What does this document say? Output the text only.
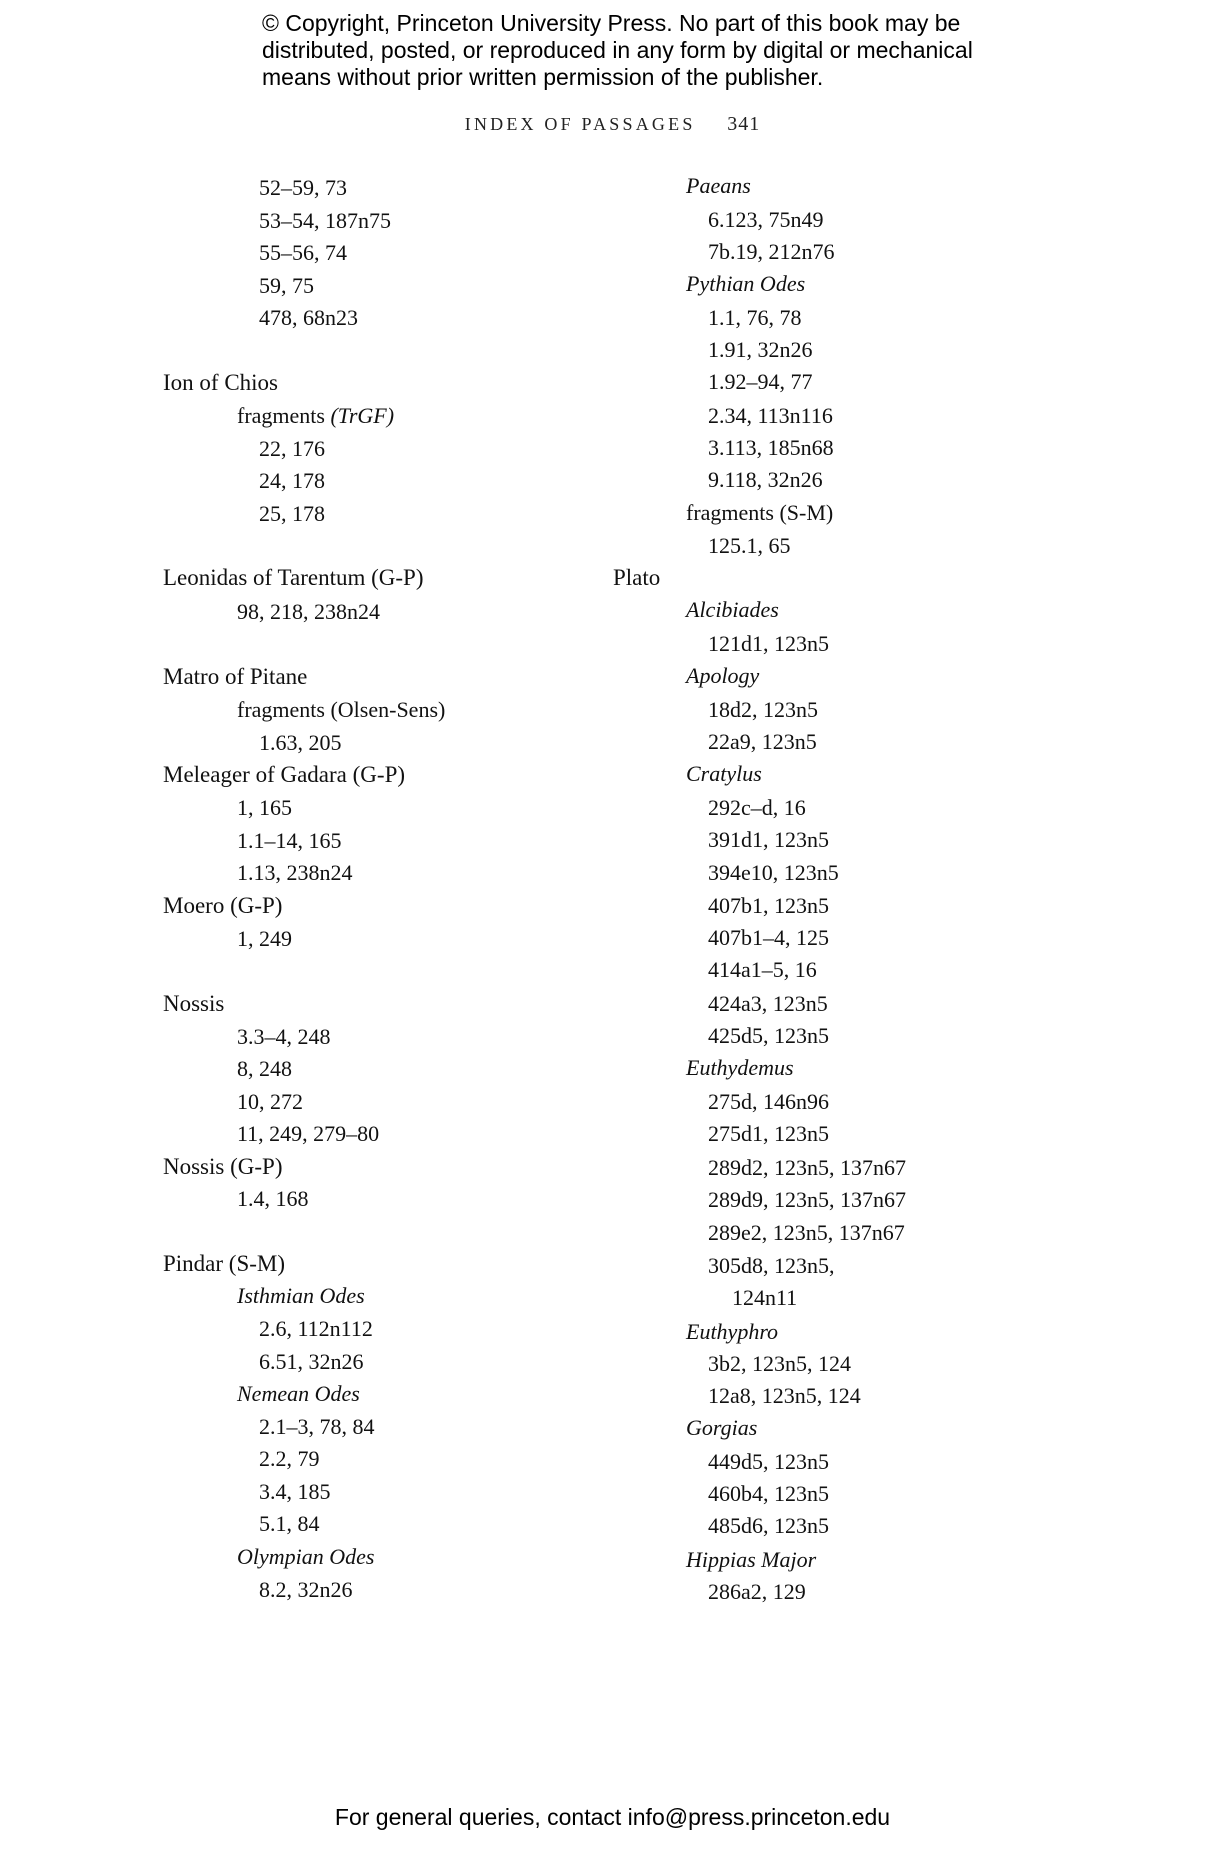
© Copyright, Princeton University Press. No part of this book may be
distributed, posted, or reproduced in any form by digital or mechanical
means without prior written permission of the publisher.
INDEX OF PASSAGES 341
52–59, 73
53–54, 187n75
55–56, 74
59, 75
478, 68n23
Ion of Chios
fragments (TrGF)
22, 176
24, 178
25, 178
Leonidas of Tarentum (G-P)
98, 218, 238n24
Matro of Pitane
fragments (Olsen-Sens)
1.63, 205
Meleager of Gadara (G-P)
1, 165
1.1–14, 165
1.13, 238n24
Moero (G-P)
1, 249
Nossis
3.3–4, 248
8, 248
10, 272
11, 249, 279–80
Nossis (G-P)
1.4, 168
Pindar (S-M)
Isthmian Odes
2.6, 112n112
6.51, 32n26
Nemean Odes
2.1–3, 78, 84
2.2, 79
3.4, 185
5.1, 84
Olympian Odes
8.2, 32n26
Paeans
6.123, 75n49
7b.19, 212n76
Pythian Odes
1.1, 76, 78
1.91, 32n26
1.92–94, 77
2.34, 113n116
3.113, 185n68
9.118, 32n26
fragments (S-M)
125.1, 65
Plato
Alcibiades
121d1, 123n5
Apology
18d2, 123n5
22a9, 123n5
Cratylus
292c–d, 16
391d1, 123n5
394e10, 123n5
407b1, 123n5
407b1–4, 125
414a1–5, 16
424a3, 123n5
425d5, 123n5
Euthydemus
275d, 146n96
275d1, 123n5
289d2, 123n5, 137n67
289d9, 123n5, 137n67
289e2, 123n5, 137n67
305d8, 123n5,
124n11
Euthyphro
3b2, 123n5, 124
12a8, 123n5, 124
Gorgias
449d5, 123n5
460b4, 123n5
485d6, 123n5
Hippias Major
286a2, 129
For general queries, contact info@press.princeton.edu
